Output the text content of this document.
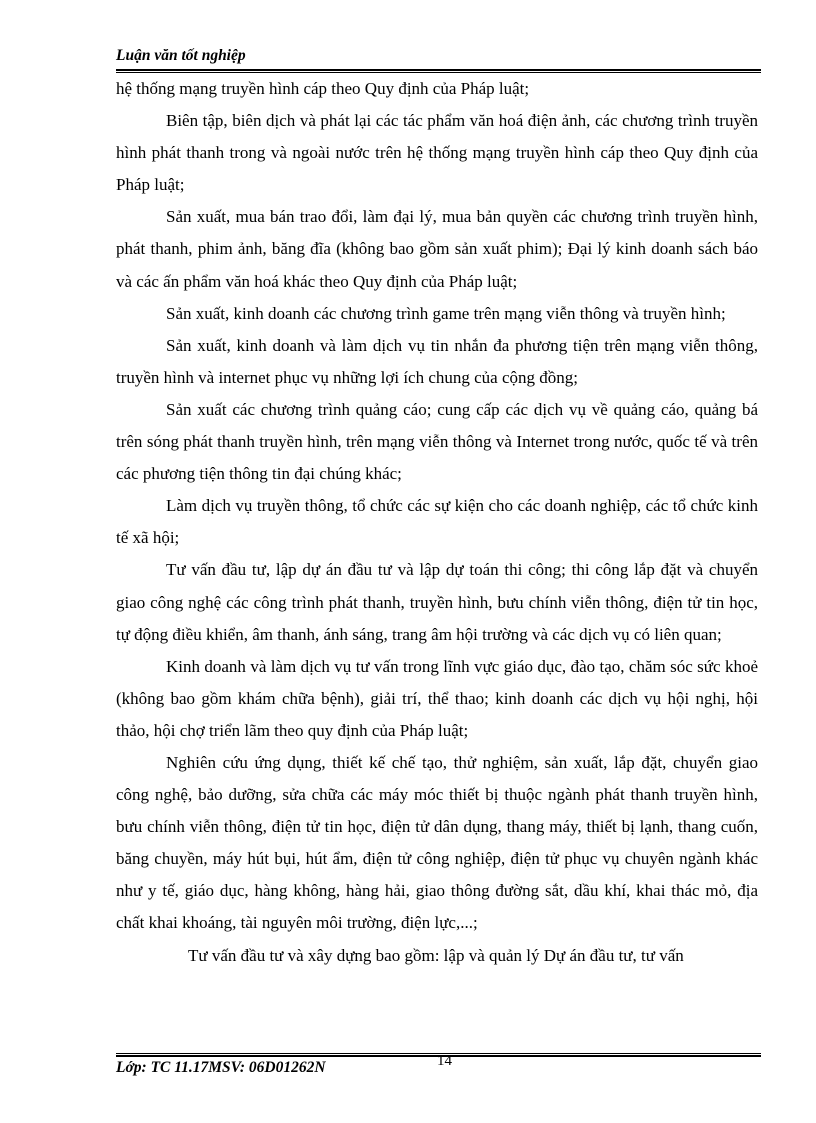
Luận văn tốt nghiệp

hệ thống mạng truyền hình cáp theo Quy định của Pháp luật;

Biên tập, biên dịch và phát lại các tác phẩm văn hoá điện ảnh, các chương trình truyền hình phát thanh trong và ngoài nước trên hệ thống mạng truyền hình cáp theo Quy định của Pháp luật;

Sản xuất, mua bán trao đổi, làm đại lý, mua bản quyền các chương trình truyền hình, phát thanh, phim ảnh, băng đĩa (không bao gồm sản xuất phim); Đại lý kinh doanh sách báo và các ấn phẩm văn hoá khác theo Quy định của Pháp luật;

Sản xuất, kinh doanh các chương trình game trên mạng viễn thông và truyền hình;

Sản xuất, kinh doanh và làm dịch vụ tin nhắn đa phương tiện trên mạng viễn thông, truyền hình và internet phục vụ những lợi ích chung của cộng đồng;

Sản xuất các chương trình quảng cáo; cung cấp các dịch vụ về quảng cáo, quảng bá trên sóng phát thanh truyền hình, trên mạng viễn thông và Internet trong nước, quốc tế và trên các phương tiện thông tin đại chúng khác;

Làm dịch vụ truyền thông, tổ chức các sự kiện cho các doanh nghiệp, các tổ chức kinh tế xã hội;

Tư vấn đầu tư, lập dự án đầu tư và lập dự toán thi công; thi công lắp đặt và chuyển giao công nghệ các công trình phát thanh, truyền hình, bưu chính viễn thông, điện tử tin học, tự động điều khiển, âm thanh, ánh sáng, trang âm hội trường và các dịch vụ có liên quan;

Kinh doanh và làm dịch vụ tư vấn trong lĩnh vực giáo dục, đào tạo, chăm sóc sức khoẻ (không bao gồm khám chữa bệnh), giải trí, thể thao; kinh doanh các dịch vụ hội nghị, hội thảo, hội chợ triển lãm theo quy định của Pháp luật;

Nghiên cứu ứng dụng, thiết kế chế tạo, thử nghiệm, sản xuất, lắp đặt, chuyển giao công nghệ, bảo dưỡng, sửa chữa các máy móc thiết bị thuộc ngành phát thanh truyền hình, bưu chính viễn thông, điện tử tin học, điện tử dân dụng, thang máy, thiết bị lạnh, thang cuốn, băng chuyền, máy hút bụi, hút ẩm, điện tử công nghiệp, điện tử phục vụ chuyên ngành khác như y tế, giáo dục, hàng không, hàng hải, giao thông đường sắt, dầu khí, khai thác mỏ, địa chất khai khoáng, tài nguyên môi trường, điện lực,...;

Tư vấn đầu tư và xây dựng bao gồm: lập và quản lý Dự án đầu tư, tư vấn

Lớp: TC 11.17MSV: 06D01262N	14
